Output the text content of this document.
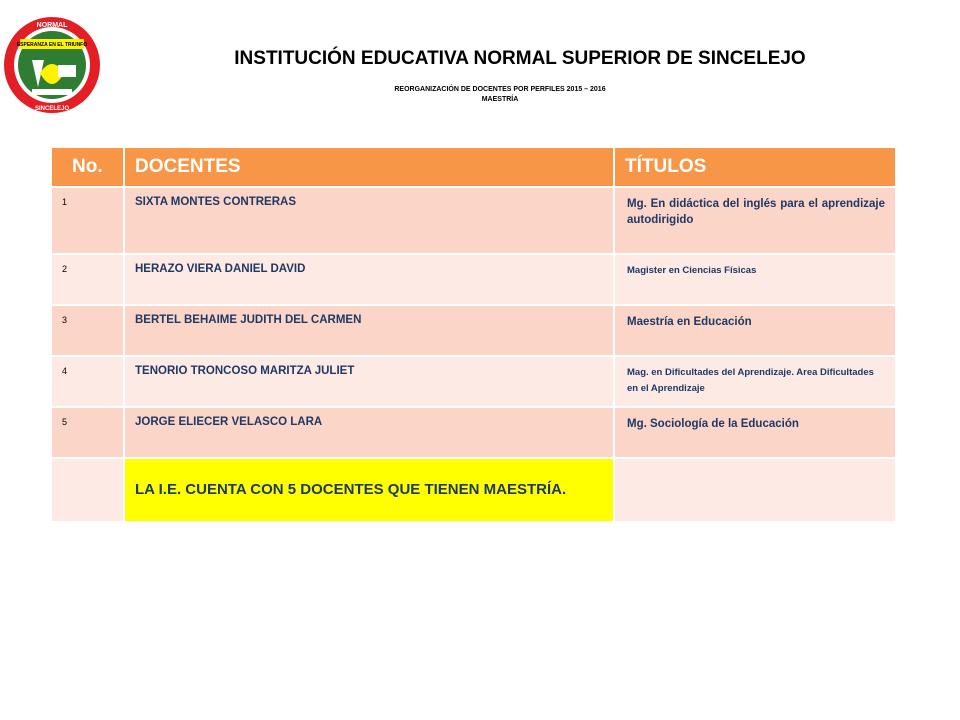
ESPERANZA EN EL TRIUNFO
NORMAL
SINCELEJO
INSTITUCIÓN EDUCATIVA NORMAL SUPERIOR DE SINCELEJO
REORGANIZACIÓN DE DOCENTES POR PERFILES 2015 – 2016
MAESTRÍA
No.	DOCENTES	TÍTULOS
1	SIXTA MONTES CONTRERAS	Mg. En didáctica del inglés para el aprendizaje autodirigido
2	HERAZO VIERA DANIEL DAVID	Magister en Ciencias Físicas
3	BERTEL BEHAIME JUDITH DEL CARMEN	Maestría en Educación
4	TENORIO TRONCOSO MARITZA JULIET	Mag. en Dificultades del Aprendizaje. Area Dificultades en el Aprendizaje
5	JORGE ELIECER VELASCO LARA	Mg. Sociología de la Educación
	LA I.E. CUENTA CON 5 DOCENTES QUE TIENEN MAESTRÍA.	
